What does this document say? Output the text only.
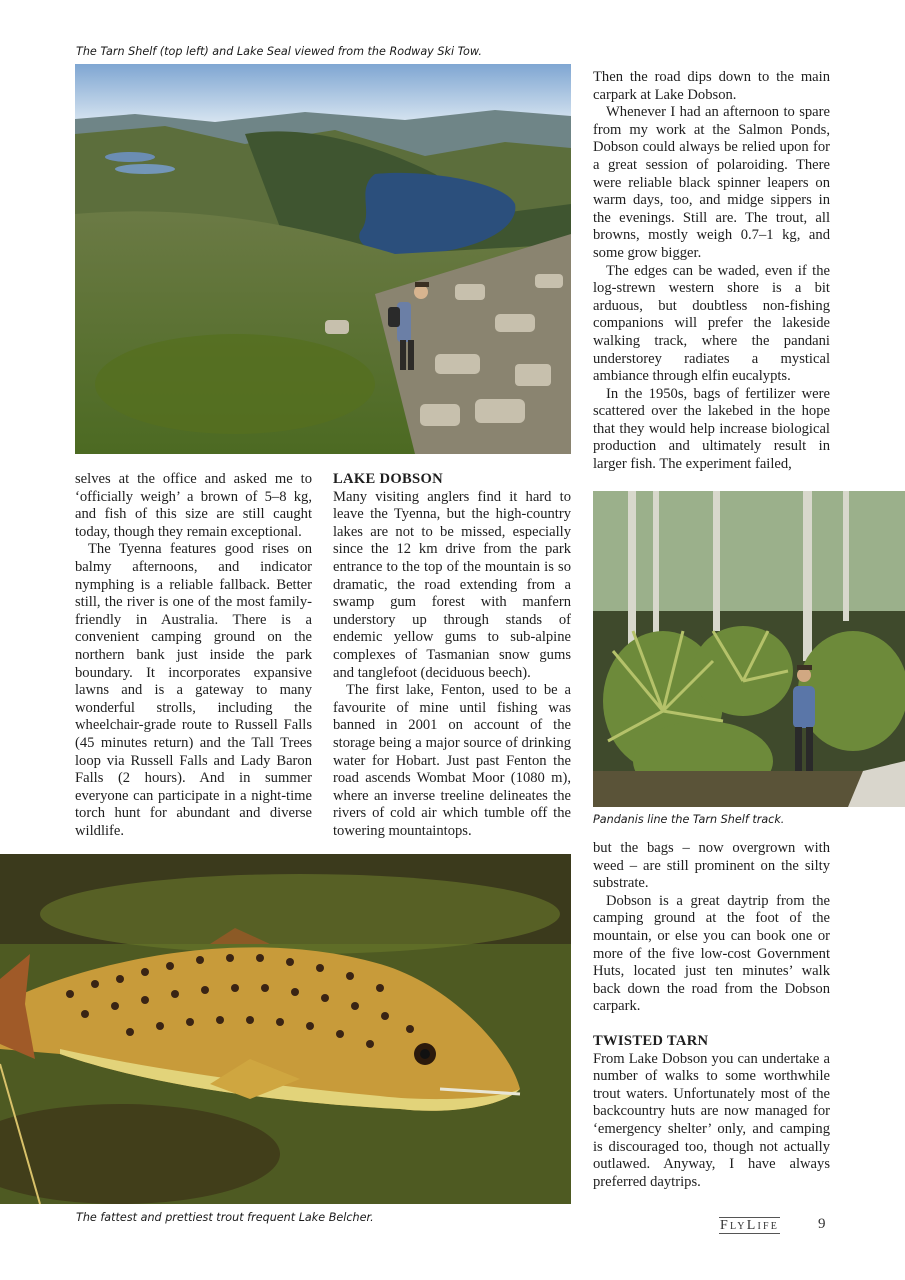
The Tarn Shelf (top left) and Lake Seal viewed from the Rodway Ski Tow.

Then the road dips down to the main carpark at Lake Dobson.

Whenever I had an afternoon to spare from my work at the Salmon Ponds, Dobson could always be relied upon for a great session of polaroiding. There were reliable black spinner leapers on warm days, too, and midge sippers in the evenings. Still are. The trout, all browns, mostly weigh 0.7–1 kg, and some grow bigger.

The edges can be waded, even if the log-strewn western shore is a bit arduous, but doubtless non-fishing companions will prefer the lakeside walking track, where the pandani understorey radiates a mystical ambiance through elfin eucalypts.

In the 1950s, bags of fertilizer were scattered over the lakebed in the hope that they would help increase biological production and ultimately result in larger fish. The experiment failed,

selves at the office and asked me to ‘officially weigh’ a brown of 5–8 kg, and fish of this size are still caught today, though they remain exceptional.

The Tyenna features good rises on balmy afternoons, and indicator nymphing is a reliable fallback. Better still, the river is one of the most family-friendly in Australia. There is a convenient camping ground on the northern bank just inside the park boundary. It incorporates expansive lawns and is a gateway to many wonderful strolls, including the wheelchair-grade route to Russell Falls (45 minutes return) and the Tall Trees loop via Russell Falls and Lady Baron Falls (2 hours). And in summer everyone can participate in a night-time torch hunt for abundant and diverse wildlife.

LAKE DOBSON

Many visiting anglers find it hard to leave the Tyenna, but the high-country lakes are not to be missed, especially since the 12 km drive from the park entrance to the top of the mountain is so dramatic, the road extending from a swamp gum forest with manfern understory up through stands of endemic yellow gums to sub-alpine complexes of Tasmanian snow gums and tanglefoot (deciduous beech).

The first lake, Fenton, used to be a favourite of mine until fishing was banned in 2001 on account of the storage being a major source of drinking water for Hobart. Just past Fenton the road ascends Wombat Moor (1080 m), where an inverse treeline delineates the rivers of cold air which tumble off the towering mountaintops.

Pandanis line the Tarn Shelf track.
The fattest and prettiest trout frequent Lake Belcher.

but the bags – now overgrown with weed – are still prominent on the silty substrate.

Dobson is a great daytrip from the camping ground at the foot of the mountain, or else you can book one or more of the five low-cost Government Huts, located just ten minutes’ walk back down the road from the Dobson carpark.

TWISTED TARN

From Lake Dobson you can undertake a number of walks to some worthwhile trout waters. Unfortunately most of the backcountry huts are now managed for ‘emergency shelter’ only, and camping is discouraged too, though not actually outlawed. Anyway, I have always preferred daytrips.

FlyLife	9
